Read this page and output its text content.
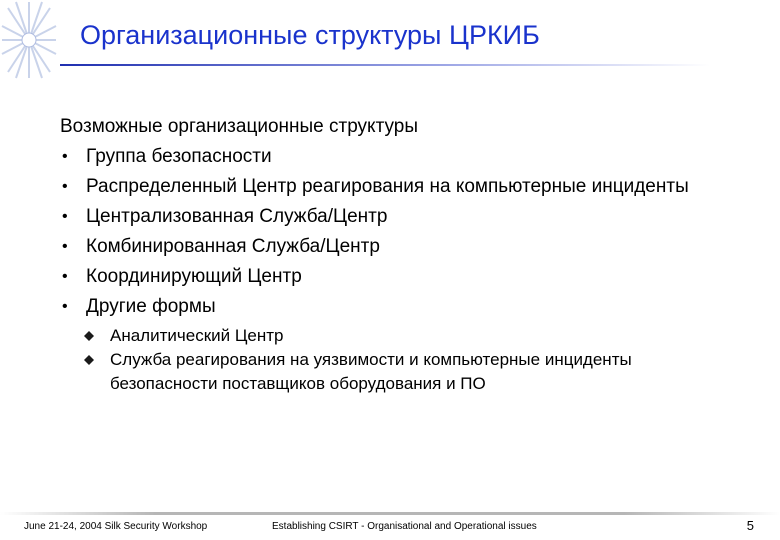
Организационные структуры ЦРКИБ
Возможные организационные структуры
• Группа безопасности
• Распределенный Центр реагирования на компьютерные инциденты
• Централизованная Служба/Центр
• Комбинированная Служба/Центр
• Координирующий Центр
• Другие формы
Аналитический Центр
Служба реагирования на уязвимости и компьютерные инциденты безопасности поставщиков оборудования и ПО
June 21-24, 2004 Silk Security Workshop	Establishing CSIRT - Organisational and Operational issues	5
